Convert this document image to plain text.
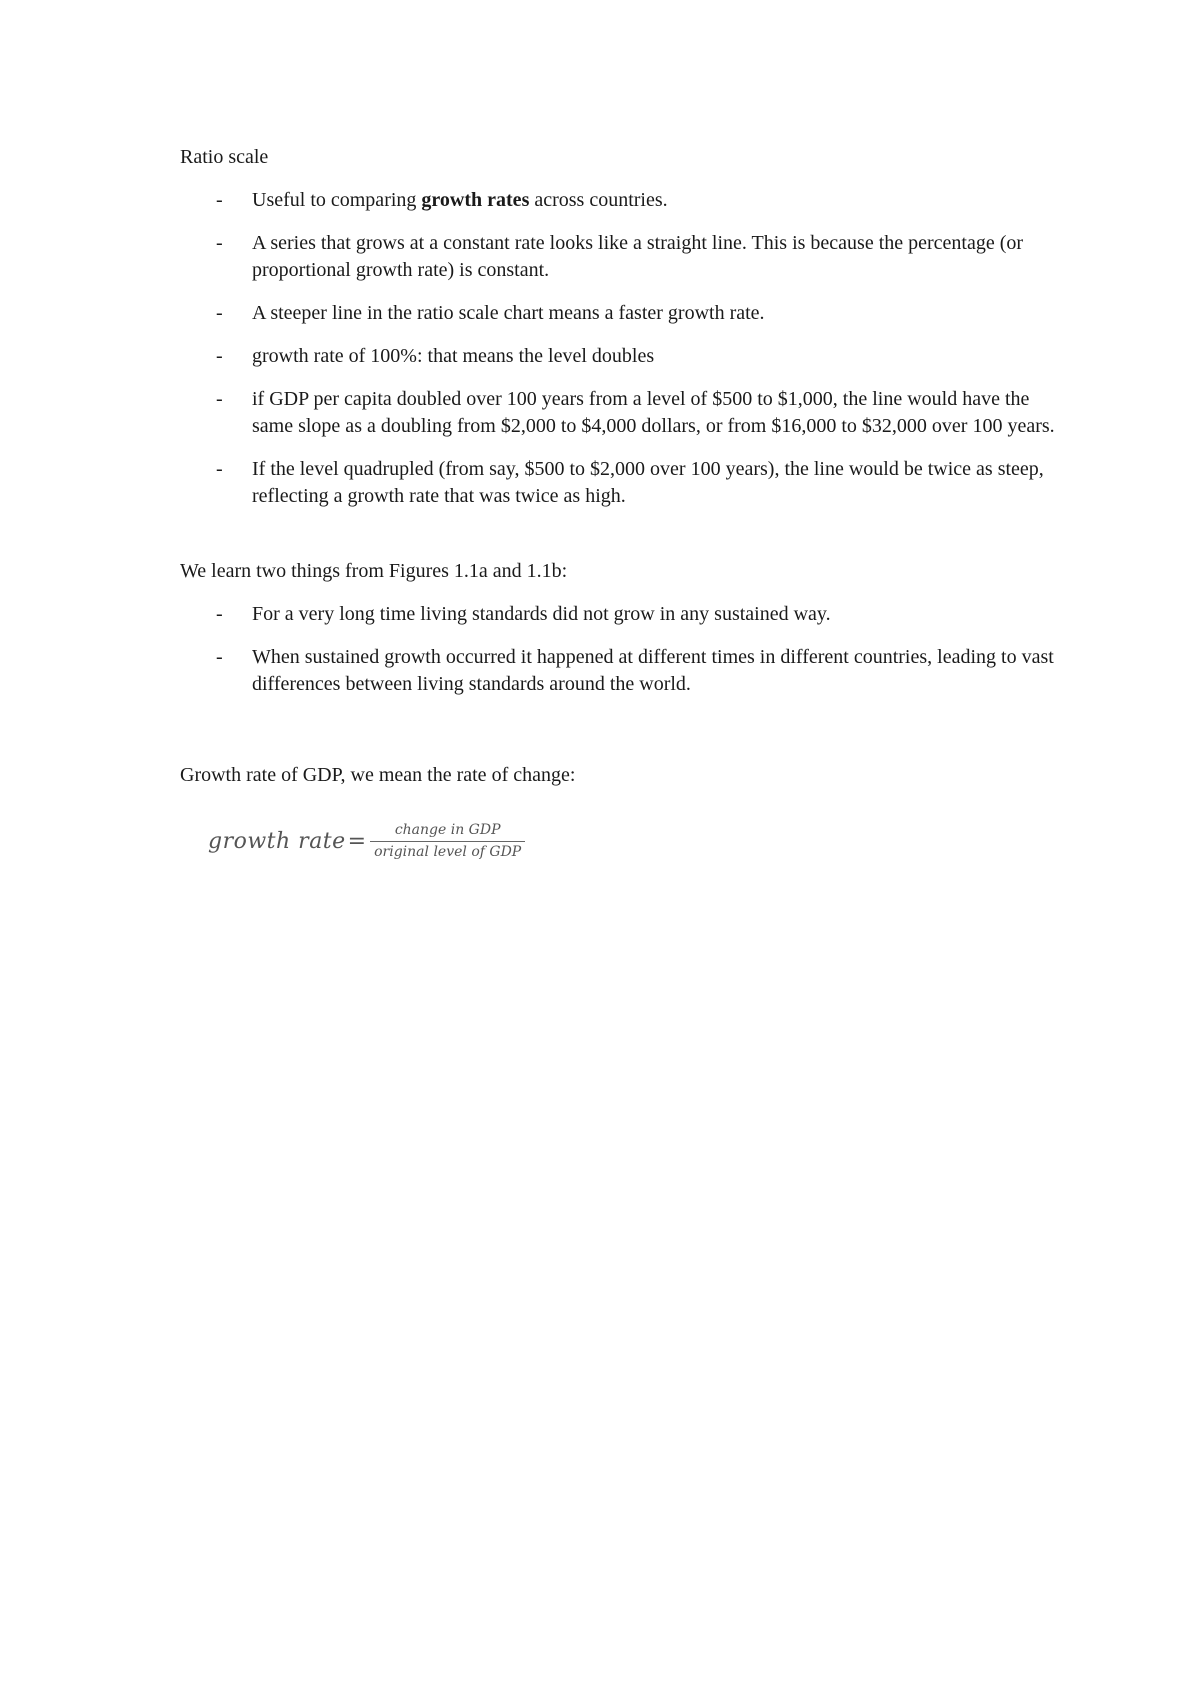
Ratio scale
- Useful to comparing growth rates across countries.
- A series that grows at a constant rate looks like a straight line. This is because the percentage (or proportional growth rate) is constant.
- A steeper line in the ratio scale chart means a faster growth rate.
- growth rate of 100%: that means the level doubles
- if GDP per capita doubled over 100 years from a level of $500 to $1,000, the line would have the same slope as a doubling from $2,000 to $4,000 dollars, or from $16,000 to $32,000 over 100 years.
- If the level quadrupled (from say, $500 to $2,000 over 100 years), the line would be twice as steep, reflecting a growth rate that was twice as high.
We learn two things from Figures 1.1a and 1.1b:
- For a very long time living standards did not grow in any sustained way.
- When sustained growth occurred it happened at different times in different countries, leading to vast differences between living standards around the world.
Growth rate of GDP, we mean the rate of change:
growth rate = $\frac{\text{change in GDP}}{\text{original level of GDP}}$
